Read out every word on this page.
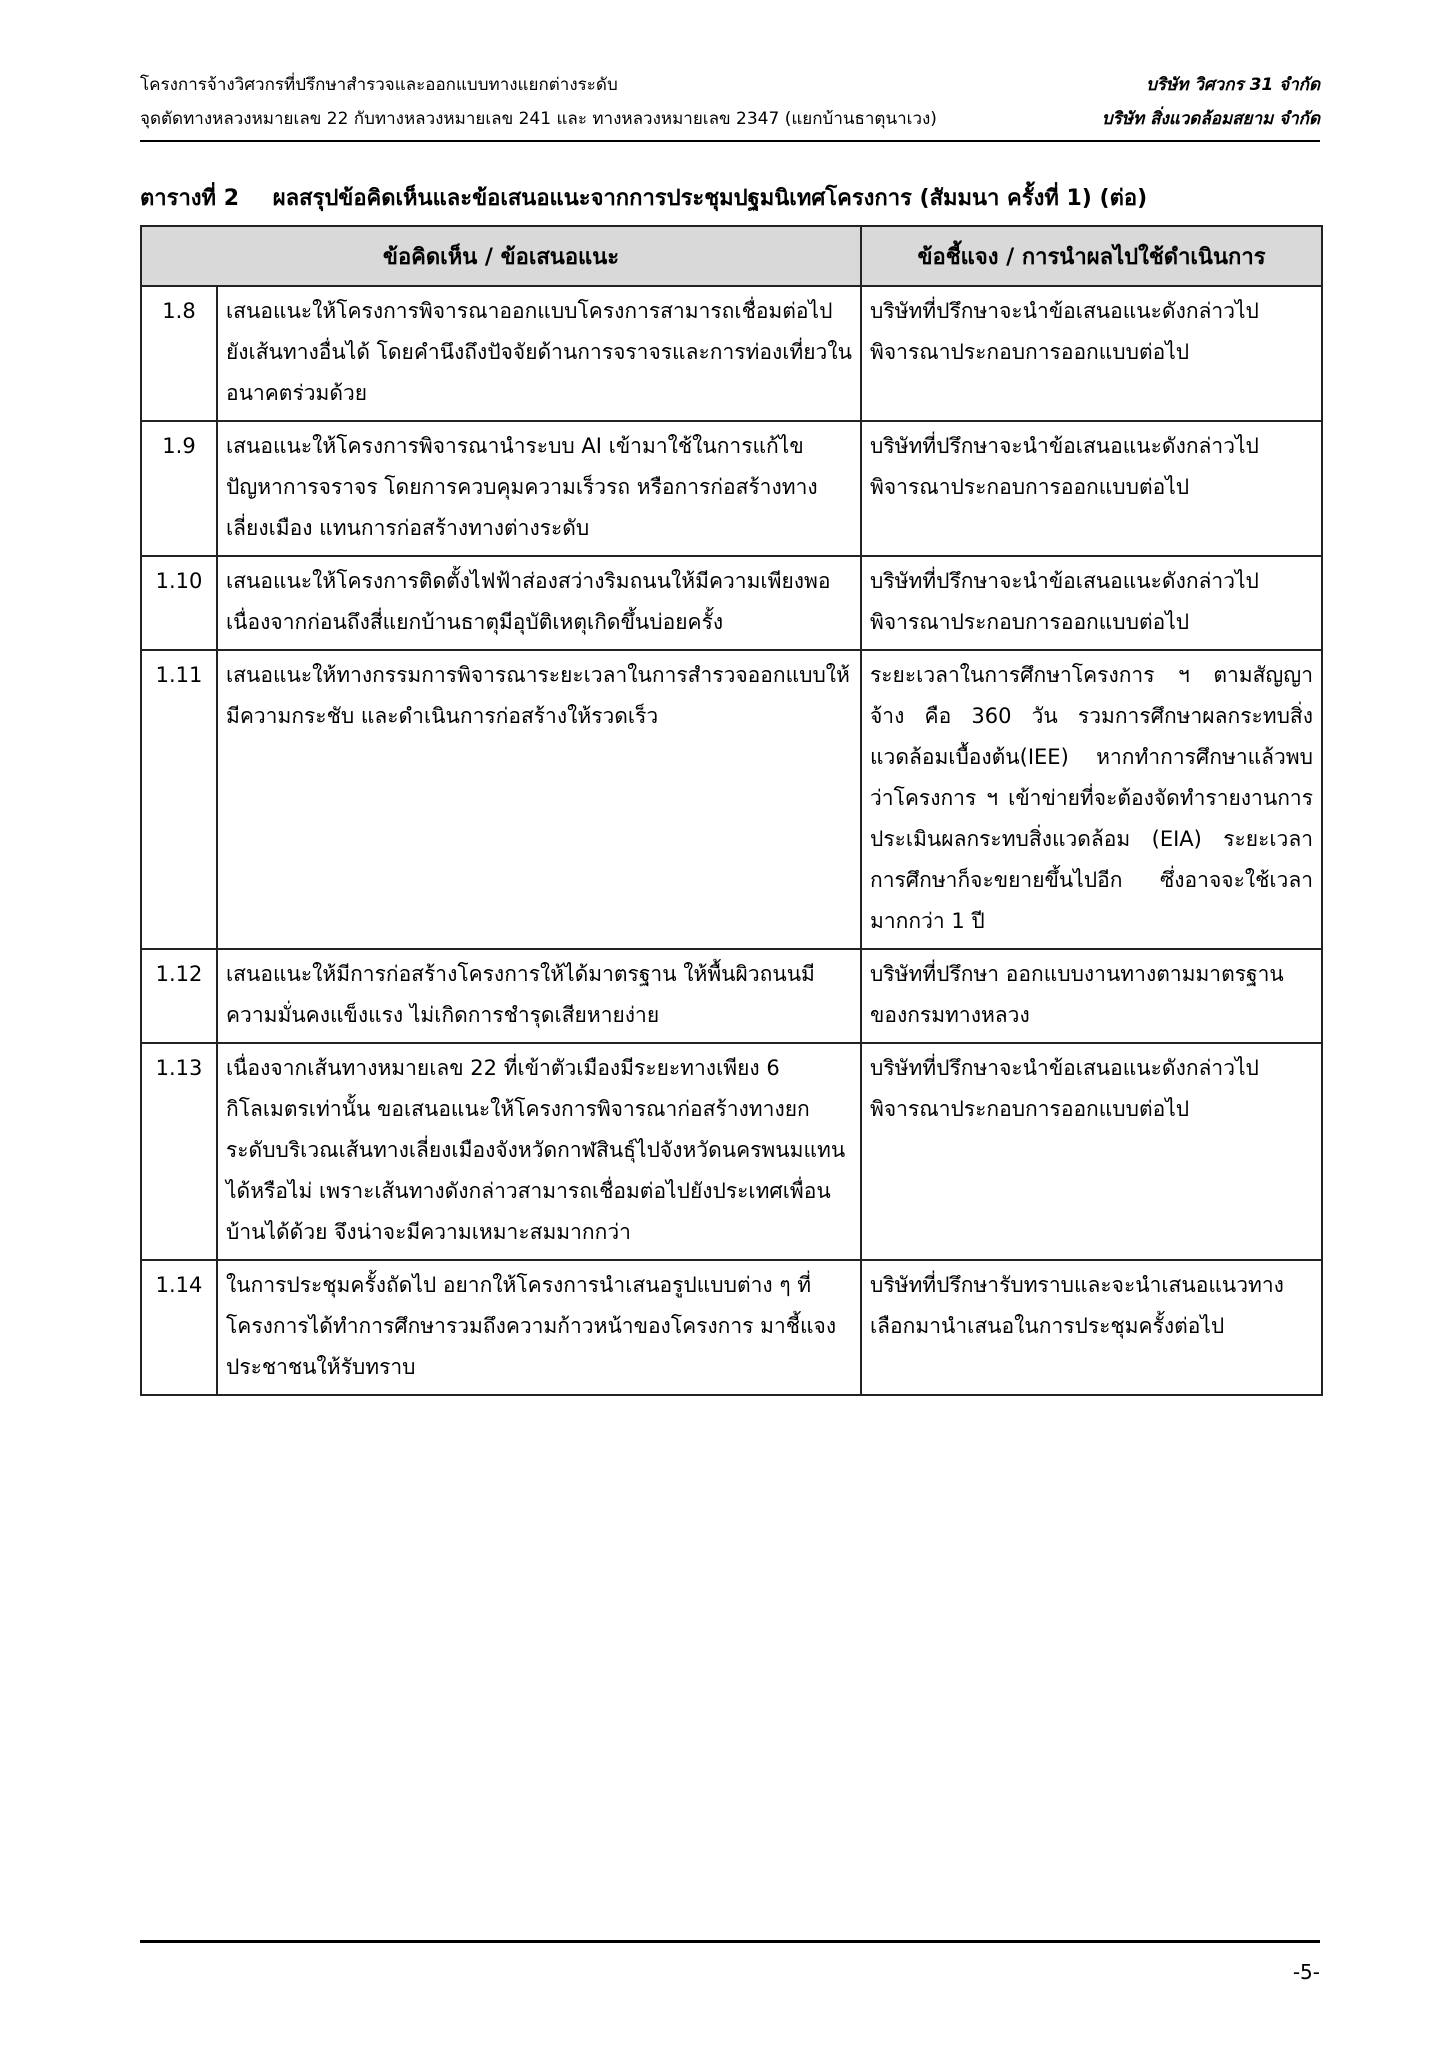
โครงการจ้างวิศวกรที่ปรึกษาสำรวจและออกแบบทางแยกต่างระดับ
จุดตัดทางหลวงหมายเลข 22 กับทางหลวงหมายเลข 241 และ ทางหลวงหมายเลข 2347 (แยกบ้านธาตุนาเวง)
บริษัท วิศวกร 31 จำกัด
บริษัท สิ่งแวดล้อมสยาม จำกัด
ตารางที่ 2 ผลสรุปข้อคิดเห็นและข้อเสนอแนะจากการประชุมปฐมนิเทศโครงการ (สัมมนา ครั้งที่ 1) (ต่อ)
ข้อคิดเห็น / ข้อเสนอแนะ		ข้อชี้แจง / การนำผลไปใช้ดำเนินการ
1.8	เสนอแนะให้โครงการพิจารณาออกแบบโครงการสามารถเชื่อมต่อไปยังเส้นทางอื่นได้ โดยคำนึงถึงปัจจัยด้านการจราจรและการท่องเที่ยวในอนาคตร่วมด้วย	บริษัทที่ปรึกษาจะนำข้อเสนอแนะดังกล่าวไปพิจารณาประกอบการออกแบบต่อไป
1.9	เสนอแนะให้โครงการพิจารณานำระบบ AI เข้ามาใช้ในการแก้ไขปัญหาการจราจร โดยการควบคุมความเร็วรถ หรือการก่อสร้างทางเลี่ยงเมือง แทนการก่อสร้างทางต่างระดับ	บริษัทที่ปรึกษาจะนำข้อเสนอแนะดังกล่าวไปพิจารณาประกอบการออกแบบต่อไป
1.10	เสนอแนะให้โครงการติดตั้งไฟฟ้าส่องสว่างริมถนนให้มีความเพียงพอ เนื่องจากก่อนถึงสี่แยกบ้านธาตุมีอุบัติเหตุเกิดขึ้นบ่อยครั้ง	บริษัทที่ปรึกษาจะนำข้อเสนอแนะดังกล่าวไปพิจารณาประกอบการออกแบบต่อไป
1.11	เสนอแนะให้ทางกรรมการพิจารณาระยะเวลาในการสำรวจออกแบบให้มีความกระชับ และดำเนินการก่อสร้างให้รวดเร็ว	ระยะเวลาในการศึกษาโครงการ ฯ ตามสัญญาจ้าง คือ 360 วัน รวมการศึกษาผลกระทบสิ่งแวดล้อมเบื้องต้น(IEE) หากทำการศึกษาแล้วพบว่าโครงการ ฯ เข้าข่ายที่จะต้องจัดทำรายงานการประเมินผลกระทบสิ่งแวดล้อม (EIA) ระยะเวลาการศึกษาก็จะขยายขึ้นไปอีก ซึ่งอาจจะใช้เวลามากกว่า 1 ปี
1.12	เสนอแนะให้มีการก่อสร้างโครงการให้ได้มาตรฐาน ให้พื้นผิวถนนมีความมั่นคงแข็งแรง ไม่เกิดการชำรุดเสียหายง่าย	บริษัทที่ปรึกษา ออกแบบงานทางตามมาตรฐานของกรมทางหลวง
1.13	เนื่องจากเส้นทางหมายเลข 22 ที่เข้าตัวเมืองมีระยะทางเพียง 6 กิโลเมตรเท่านั้น ขอเสนอแนะให้โครงการพิจารณาก่อสร้างทางยกระดับบริเวณเส้นทางเลี่ยงเมืองจังหวัดกาฬสินธุ์ไปจังหวัดนครพนมแทนได้หรือไม่ เพราะเส้นทางดังกล่าวสามารถเชื่อมต่อไปยังประเทศเพื่อนบ้านได้ด้วย จึงน่าจะมีความเหมาะสมมากกว่า	บริษัทที่ปรึกษาจะนำข้อเสนอแนะดังกล่าวไปพิจารณาประกอบการออกแบบต่อไป
1.14	ในการประชุมครั้งถัดไป อยากให้โครงการนำเสนอรูปแบบต่าง ๆ ที่โครงการได้ทำการศึกษารวมถึงความก้าวหน้าของโครงการ มาชี้แจงประชาชนให้รับทราบ	บริษัทที่ปรึกษารับทราบและจะนำเสนอแนวทางเลือกมานำเสนอในการประชุมครั้งต่อไป
-5-
